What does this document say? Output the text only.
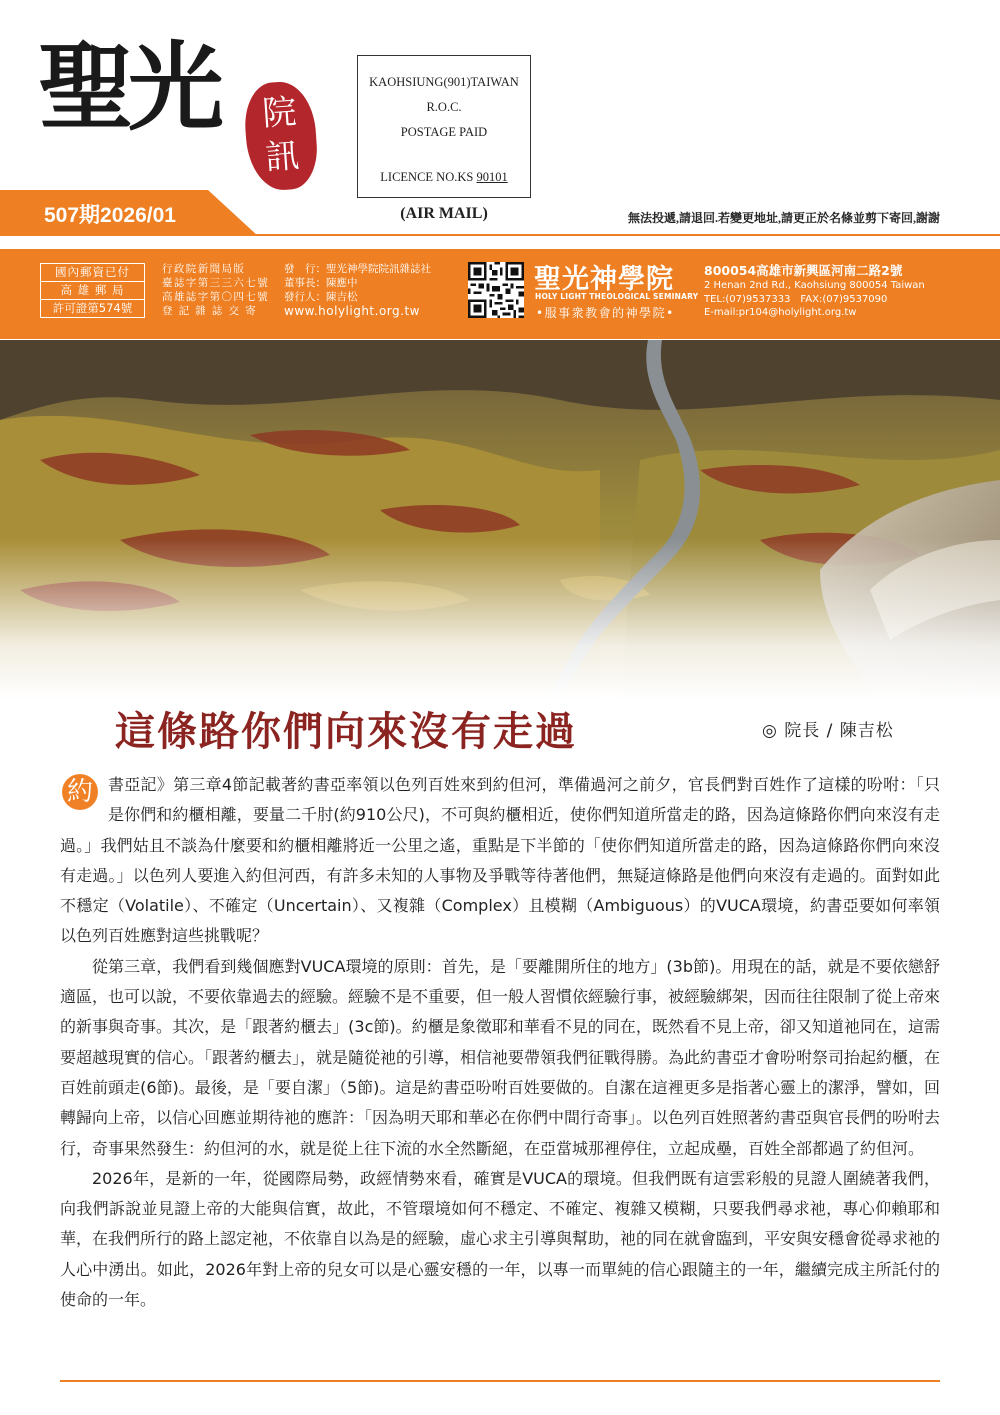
聖光	院
訊
KAOHSIUNG(901)TAIWAN
R.O.C.
POSTAGE PAID
LICENCE NO.KS 90101
(AIR MAIL)	無法投遞,請退回.若變更地址,請更正於名條並剪下寄回,謝謝
507期2026/01
國內郵資已付
高 雄 郵 局
許可證第574號
行政院新聞局版
臺誌字第三三六七號
高雄誌字第〇四七號
登 記 雜 誌 交 寄
發　行：聖光神學院院訊雜誌社
董事長：陳應中
發行人：陳吉松
www.holylight.org.tw
聖光神學院
HOLY LIGHT THEOLOGICAL SEMINARY
•服事衆教會的神學院•
800054高雄市新興區河南二路2號
2 Henan 2nd Rd., Kaohsiung 800054 Taiwan
TEL:(07)9537333　FAX:(07)9537090
E-mail:pr104@holylight.org.tw
這條路你們向來沒有走過	◎ 院長 / 陳吉松

約 書亞記》第三章4節記載著約書亞率領以色列百姓來到約但河，準備過河之前夕，官長們對百姓作了這樣的吩咐：「只是你們和約櫃相離，要量二千肘(約910公尺)，不可與約櫃相近，使你們知道所當走的路，因為這條路你們向來沒有走過。」我們姑且不談為什麼要和約櫃相離將近一公里之遙，重點是下半節的「使你們知道所當走的路，因為這條路你們向來沒有走過。」以色列人要進入約但河西，有許多未知的人事物及爭戰等待著他們，無疑這條路是他們向來沒有走過的。面對如此不穩定（Volatile）、不確定（Uncertain）、又複雜（Complex）且模糊（Ambiguous）的VUCA環境，約書亞要如何率領以色列百姓應對這些挑戰呢？

從第三章，我們看到幾個應對VUCA環境的原則：首先，是「要離開所住的地方」(3b節)。用現在的話，就是不要依戀舒適區，也可以說，不要依靠過去的經驗。經驗不是不重要，但一般人習慣依經驗行事，被經驗綁架，因而往往限制了從上帝來的新事與奇事。其次，是「跟著約櫃去」(3c節)。約櫃是象徵耶和華看不見的同在，既然看不見上帝，卻又知道祂同在，這需要超越現實的信心。「跟著約櫃去」，就是隨從祂的引導，相信祂要帶領我們征戰得勝。為此約書亞才會吩咐祭司抬起約櫃，在百姓前頭走(6節)。最後，是「要自潔」（5節)。這是約書亞吩咐百姓要做的。自潔在這裡更多是指著心靈上的潔淨，譬如，回轉歸向上帝，以信心回應並期待祂的應許：「因為明天耶和華必在你們中間行奇事」。以色列百姓照著約書亞與官長們的吩咐去行，奇事果然發生：約但河的水，就是從上往下流的水全然斷絕，在亞當城那裡停住，立起成壘，百姓全部都過了約但河。

2026年，是新的一年，從國際局勢，政經情勢來看，確實是VUCA的環境。但我們既有這雲彩般的見證人圍繞著我們，向我們訴說並見證上帝的大能與信實，故此，不管環境如何不穩定、不確定、複雜又模糊，只要我們尋求祂，專心仰賴耶和華，在我們所行的路上認定祂，不依靠自以為是的經驗，虛心求主引導與幫助，祂的同在就會臨到，平安與安穩會從尋求祂的人心中湧出。如此，2026年對上帝的兒女可以是心靈安穩的一年，以專一而單純的信心跟隨主的一年，繼續完成主所託付的使命的一年。
